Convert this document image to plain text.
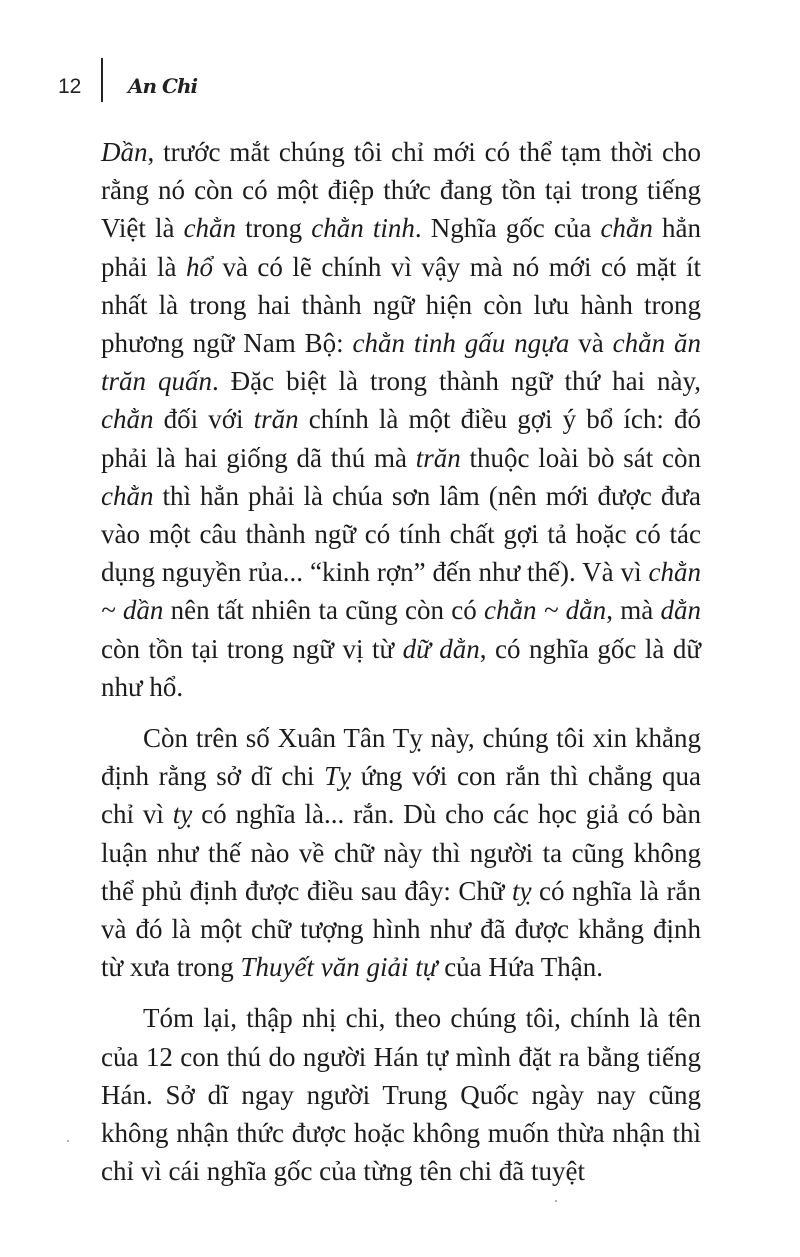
12 An Chi

Dần, trước mắt chúng tôi chỉ mới có thể tạm thời cho rằng nó còn có một điệp thức đang tồn tại trong tiếng Việt là chằn trong chằn tinh. Nghĩa gốc của chằn hẳn phải là hổ và có lẽ chính vì vậy mà nó mới có mặt ít nhất là trong hai thành ngữ hiện còn lưu hành trong phương ngữ Nam Bộ: chằn tinh gấu ngựa và chằn ăn trăn quấn. Đặc biệt là trong thành ngữ thứ hai này, chằn đối với trăn chính là một điều gợi ý bổ ích: đó phải là hai giống dã thú mà trăn thuộc loài bò sát còn chằn thì hẳn phải là chúa sơn lâm (nên mới được đưa vào một câu thành ngữ có tính chất gợi tả hoặc có tác dụng nguyền rủa... “kinh rợn” đến như thế). Và vì chằn ~ dần nên tất nhiên ta cũng còn có chằn ~ dằn, mà dằn còn tồn tại trong ngữ vị từ dữ dằn, có nghĩa gốc là dữ như hổ.

Còn trên số Xuân Tân Tỵ này, chúng tôi xin khẳng định rằng sở dĩ chi Tỵ ứng với con rắn thì chẳng qua chỉ vì tỵ có nghĩa là... rắn. Dù cho các học giả có bàn luận như thế nào về chữ này thì người ta cũng không thể phủ định được điều sau đây: Chữ tỵ có nghĩa là rắn và đó là một chữ tượng hình như đã được khẳng định từ xưa trong Thuyết văn giải tự của Hứa Thận.

Tóm lại, thập nhị chi, theo chúng tôi, chính là tên của 12 con thú do người Hán tự mình đặt ra bằng tiếng Hán. Sở dĩ ngay người Trung Quốc ngày nay cũng không nhận thức được hoặc không muốn thừa nhận thì chỉ vì cái nghĩa gốc của từng tên chi đã tuyệt
